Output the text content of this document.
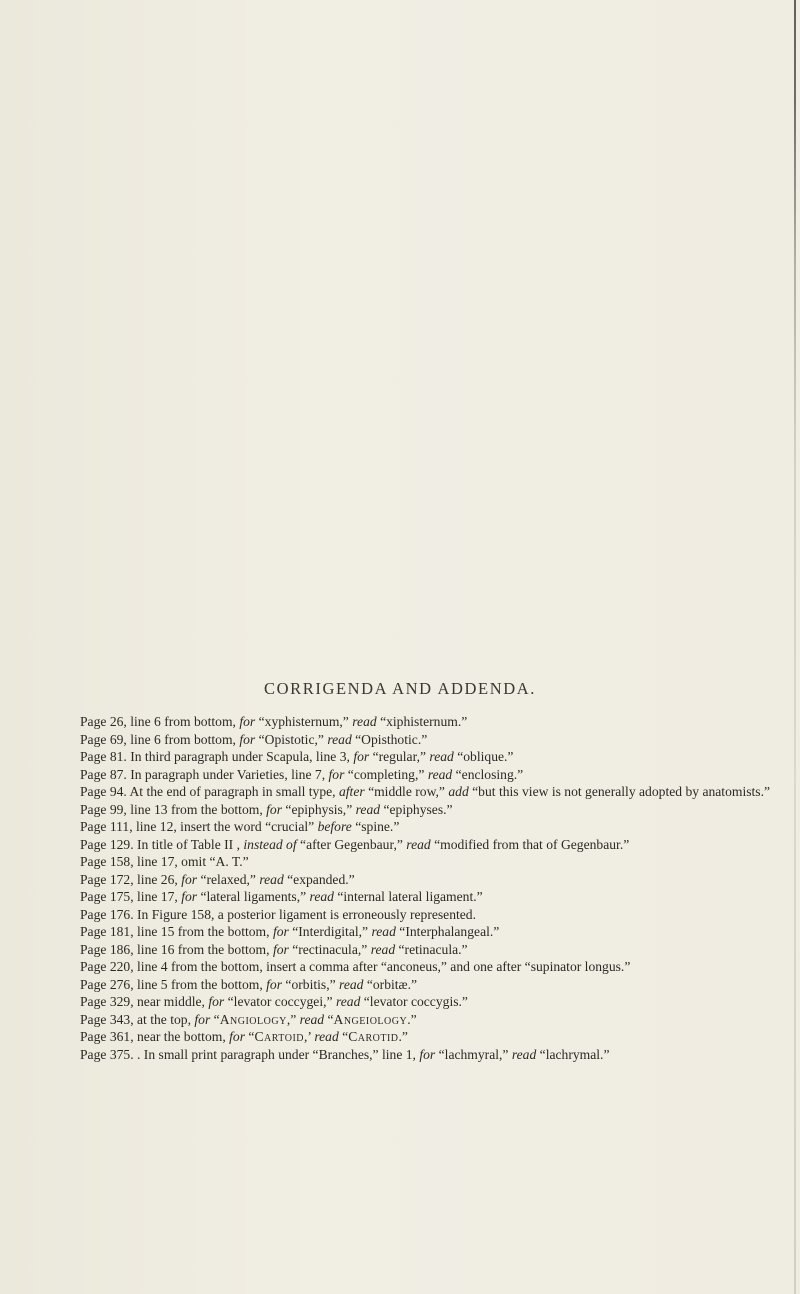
CORRIGENDA AND ADDENDA.

Page 26, line 6 from bottom, for “xyphisternum,” read “xiphisternum.”

Page 69, line 6 from bottom, for “Opistotic,” read “Opisthotic.”

Page 81. In third paragraph under Scapula, line 3, for “regular,” read “oblique.”

Page 87. In paragraph under Varieties, line 7, for “completing,” read “enclosing.”

Page 94. At the end of paragraph in small type, after “middle row,” add “but this view is not generally adopted by anatomists.”

Page 99, line 13 from the bottom, for “epiphysis,” read “epiphyses.”

Page 111, line 12, insert the word “crucial” before “spine.”

Page 129. In title of Table II , instead of “after Gegenbaur,” read “modified from that of Gegenbaur.”

Page 158, line 17, omit “A. T.”

Page 172, line 26, for “relaxed,” read “expanded.”

Page 175, line 17, for “lateral ligaments,” read “internal lateral ligament.”

Page 176. In Figure 158, a posterior ligament is erroneously represented.

Page 181, line 15 from the bottom, for “Interdigital,” read “Interphalangeal.”

Page 186, line 16 from the bottom, for “rectinacula,” read “retinacula.”

Page 220, line 4 from the bottom, insert a comma after “anconeus,” and one after “supinator longus.”

Page 276, line 5 from the bottom, for “orbitis,” read “orbitæ.”

Page 329, near middle, for “levator coccygei,” read “levator coccygis.”

Page 343, at the top, for “Angiology,” read “Angeiology.”

Page 361, near the bottom, for “Cartoid,’ read “Carotid.”

Page 375. . In small print paragraph under “Branches,” line 1, for “lachmyral,” read “lachrymal.”
